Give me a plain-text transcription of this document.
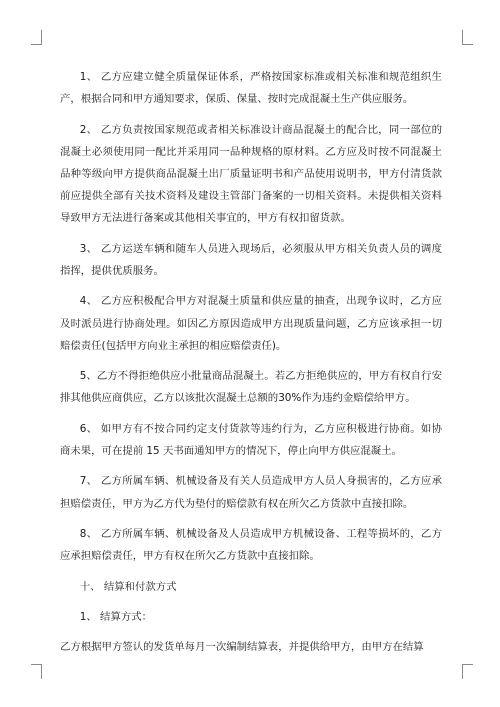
1、 乙方应建立健全质量保证体系，严格按国家标准或相关标准和规范组织生产，根据合同和甲方通知要求，保质、保量、按时完成混凝土生产供应服务。

2、 乙方负责按国家规范或者相关标准设计商品混凝土的配合比，同一部位的混凝土必须使用同一配比并采用同一品种规格的原材料。乙方应及时按不同混凝土品种等级向甲方提供商品混凝土出厂质量证明书和产品使用说明书，甲方付清货款前应提供全部有关技术资料及建设主管部门备案的一切相关资料。未提供相关资料导致甲方无法进行备案或其他相关事宜的，甲方有权扣留货款。

3、 乙方运送车辆和随车人员进入现场后，必须服从甲方相关负责人员的调度指挥，提供优质服务。

4、 乙方应积极配合甲方对混凝土质量和供应量的抽查，出现争议时，乙方应及时派员进行协商处理。如因乙方原因造成甲方出现质量问题，乙方应该承担一切赔偿责任(包括甲方向业主承担的相应赔偿责任)。

5、乙方不得拒绝供应小批量商品混凝土。若乙方拒绝供应的，甲方有权自行安排其他供应商供应，乙方以该批次混凝土总额的30%作为违约金赔偿给甲方。

6、 如甲方有不按合同约定支付货款等违约行为，乙方应积极进行协商。如协商未果，可在提前 15 天书面通知甲方的情况下，停止向甲方供应混凝土。

7、 乙方所属车辆、机械设备及有关人员造成甲方人员人身损害的，乙方应承担赔偿责任，甲方为乙方代为垫付的赔偿款有权在所欠乙方货款中直接扣除。

8、 乙方所属车辆、机械设备及人员造成甲方机械设备、工程等损坏的，乙方应承担赔偿责任，甲方有权在所欠乙方货款中直接扣除。

十、 结算和付款方式

1、 结算方式：

乙方根据甲方签认的发货单每月一次编制结算表，并提供给甲方，由甲方在结算
